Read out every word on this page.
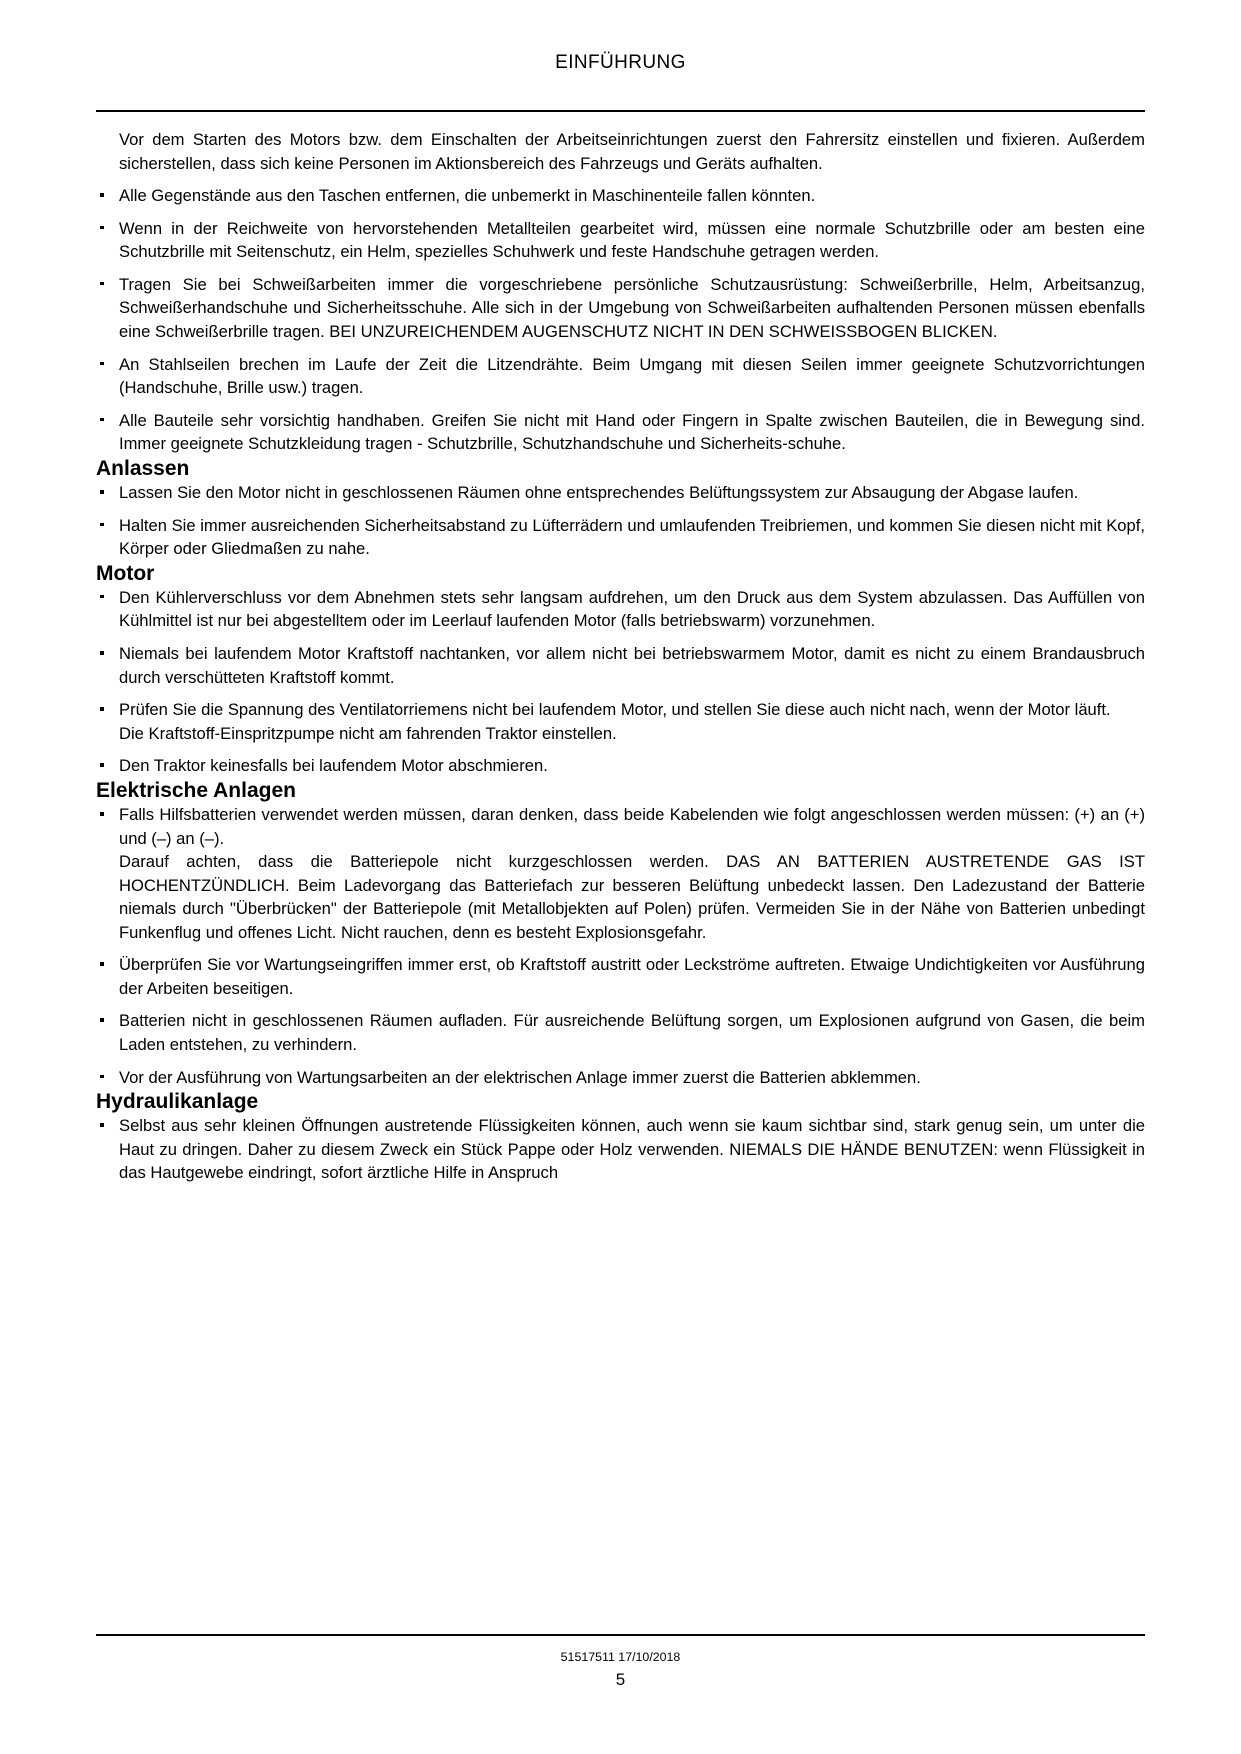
EINFÜHRUNG

Vor dem Starten des Motors bzw. dem Einschalten der Arbeitseinrichtungen zuerst den Fahrersitz einstellen und fixieren. Außerdem sicherstellen, dass sich keine Personen im Aktionsbereich des Fahrzeugs und Geräts aufhalten.

Alle Gegenstände aus den Taschen entfernen, die unbemerkt in Maschinenteile fallen könnten.
Wenn in der Reichweite von hervorstehenden Metallteilen gearbeitet wird, müssen eine normale Schutzbrille oder am besten eine Schutzbrille mit Seitenschutz, ein Helm, spezielles Schuhwerk und feste Handschuhe getragen werden.
Tragen Sie bei Schweißarbeiten immer die vorgeschriebene persönliche Schutzausrüstung: Schweißerbrille, Helm, Arbeitsanzug, Schweißerhandschuhe und Sicherheitsschuhe. Alle sich in der Umgebung von Schweißarbeiten aufhaltenden Personen müssen ebenfalls eine Schweißerbrille tragen. BEI UNZUREICHENDEM AUGENSCHUTZ NICHT IN DEN SCHWEISSBOGEN BLICKEN.
An Stahlseilen brechen im Laufe der Zeit die Litzendrähte. Beim Umgang mit diesen Seilen immer geeignete Schutzvorrichtungen (Handschuhe, Brille usw.) tragen.
Alle Bauteile sehr vorsichtig handhaben. Greifen Sie nicht mit Hand oder Fingern in Spalte zwischen Bauteilen, die in Bewegung sind. Immer geeignete Schutzkleidung tragen - Schutzbrille, Schutzhandschuhe und Sicherheits-schuhe.
Anlassen
Lassen Sie den Motor nicht in geschlossenen Räumen ohne entsprechendes Belüftungssystem zur Absaugung der Abgase laufen.
Halten Sie immer ausreichenden Sicherheitsabstand zu Lüfterrädern und umlaufenden Treibriemen, und kommen Sie diesen nicht mit Kopf, Körper oder Gliedmaßen zu nahe.
Motor
Den Kühlerverschluss vor dem Abnehmen stets sehr langsam aufdrehen, um den Druck aus dem System abzulassen. Das Auffüllen von Kühlmittel ist nur bei abgestelltem oder im Leerlauf laufenden Motor (falls betriebswarm) vorzunehmen.
Niemals bei laufendem Motor Kraftstoff nachtanken, vor allem nicht bei betriebswarmem Motor, damit es nicht zu einem Brandausbruch durch verschütteten Kraftstoff kommt.
Prüfen Sie die Spannung des Ventilatorriemens nicht bei laufendem Motor, und stellen Sie diese auch nicht nach, wenn der Motor läuft.
Die Kraftstoff-Einspritzpumpe nicht am fahrenden Traktor einstellen.
Den Traktor keinesfalls bei laufendem Motor abschmieren.
Elektrische Anlagen
Falls Hilfsbatterien verwendet werden müssen, daran denken, dass beide Kabelenden wie folgt angeschlossen werden müssen: (+) an (+) und (–) an (–).
Darauf achten, dass die Batteriepole nicht kurzgeschlossen werden. DAS AN BATTERIEN AUSTRETENDE GAS IST HOCHENTZÜNDLICH. Beim Ladevorgang das Batteriefach zur besseren Belüftung unbedeckt lassen. Den Ladezustand der Batterie niemals durch "Überbrücken" der Batteriepole (mit Metallobjekten auf Polen) prüfen. Vermeiden Sie in der Nähe von Batterien unbedingt Funkenflug und offenes Licht. Nicht rauchen, denn es besteht Explosionsgefahr.
Überprüfen Sie vor Wartungseingriffen immer erst, ob Kraftstoff austritt oder Leckströme auftreten. Etwaige Undichtigkeiten vor Ausführung der Arbeiten beseitigen.
Batterien nicht in geschlossenen Räumen aufladen. Für ausreichende Belüftung sorgen, um Explosionen aufgrund von Gasen, die beim Laden entstehen, zu verhindern.
Vor der Ausführung von Wartungsarbeiten an der elektrischen Anlage immer zuerst die Batterien abklemmen.
Hydraulikanlage
Selbst aus sehr kleinen Öffnungen austretende Flüssigkeiten können, auch wenn sie kaum sichtbar sind, stark genug sein, um unter die Haut zu dringen. Daher zu diesem Zweck ein Stück Pappe oder Holz verwenden. NIEMALS DIE HÄNDE BENUTZEN: wenn Flüssigkeit in das Hautgewebe eindringt, sofort ärztliche Hilfe in Anspruch
51517511 17/10/2018
5
